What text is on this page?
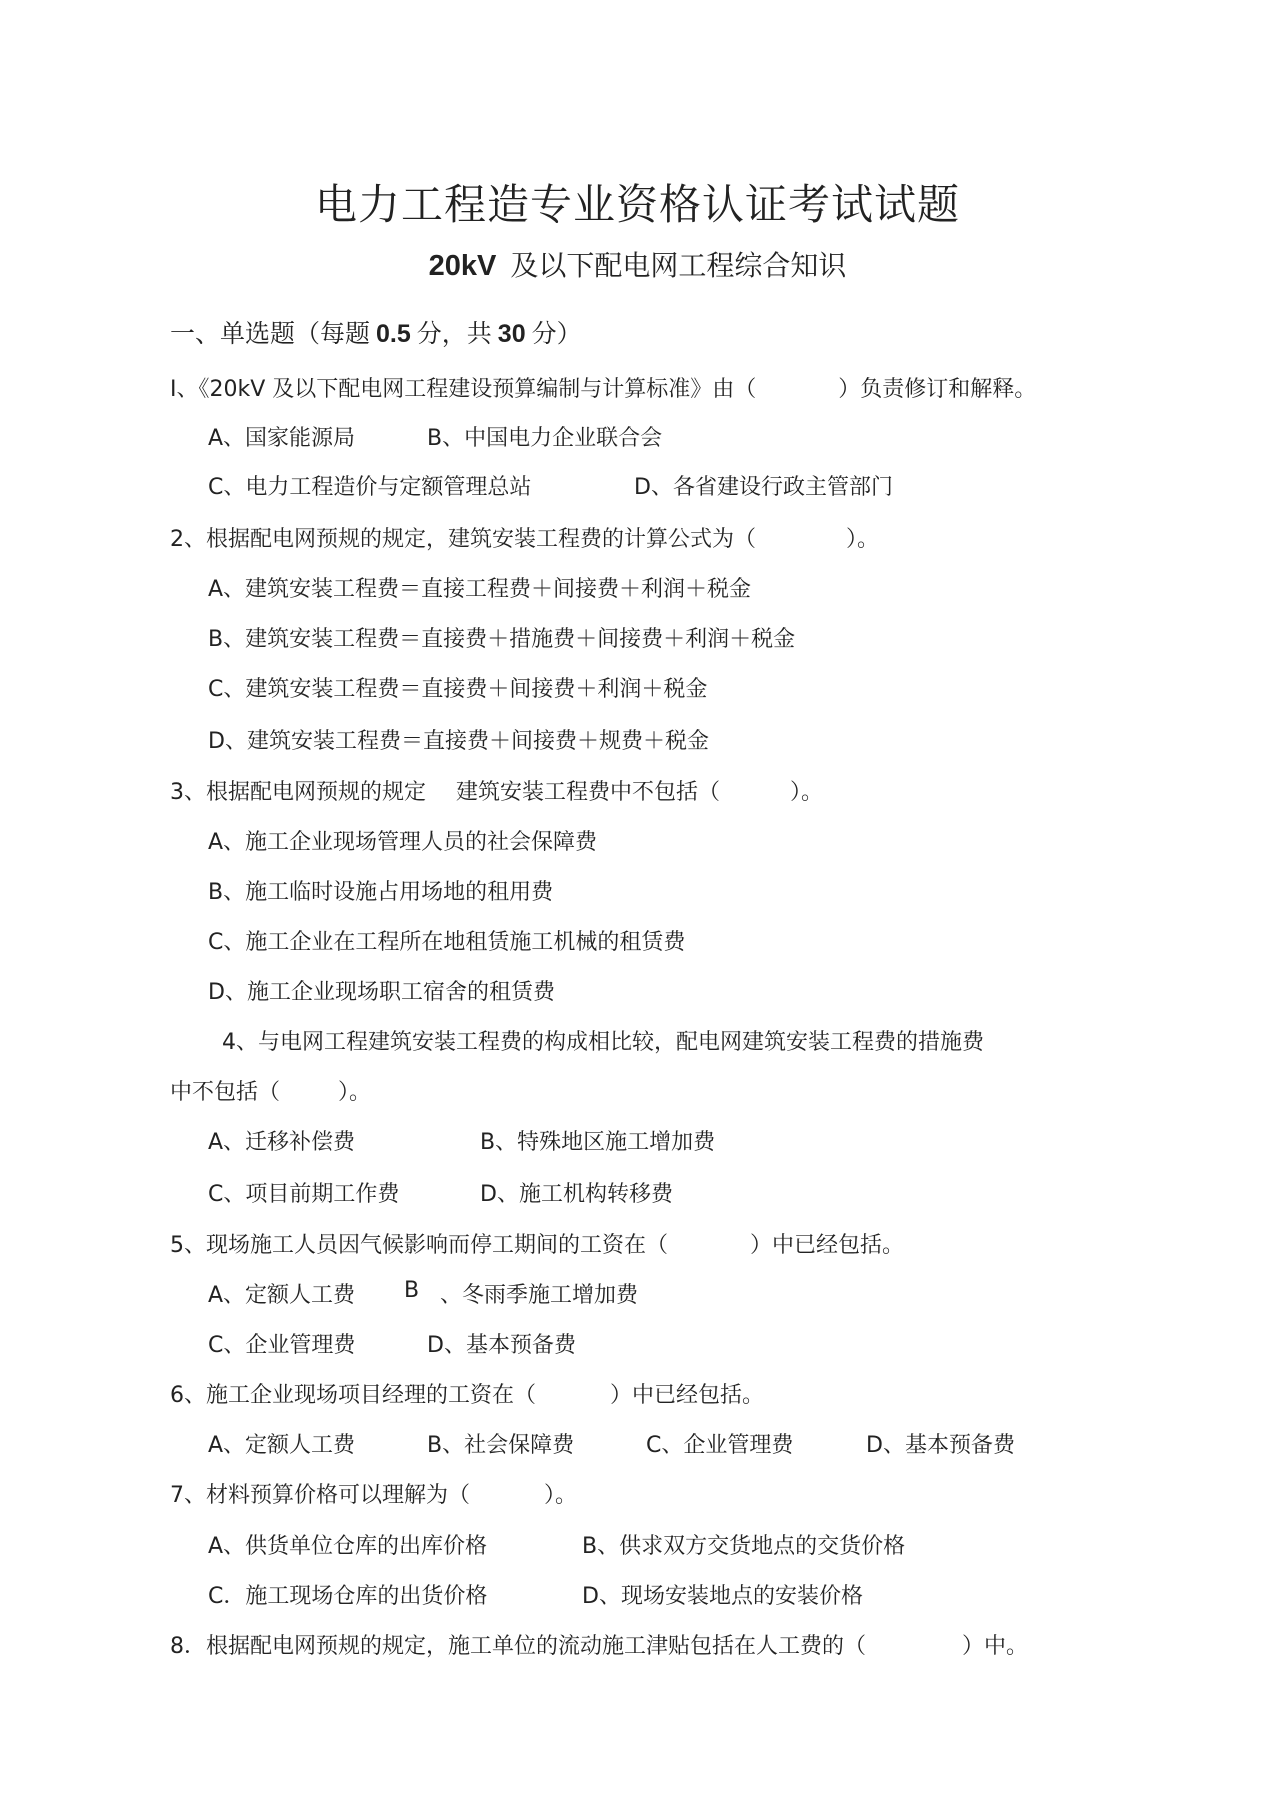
电力工程造专业资格认证考试试题
20kV 及以下配电网工程综合知识
一、单选题（每题 0.5 分，共 30 分）
I、《20kV 及以下配电网工程建设预算编制与计算标准》由（	）负责修订和解释。
A、国家能源局	B、中国电力企业联合会
C、电力工程造价与定额管理总站	D、各省建设行政主管部门
2、根据配电网预规的规定，建筑安装工程费的计算公式为（	）。
A、建筑安装工程费＝直接工程费＋间接费＋利润＋税金
B、建筑安装工程费＝直接费＋措施费＋间接费＋利润＋税金
C、建筑安装工程费＝直接费＋间接费＋利润＋税金
D、建筑安装工程费＝直接费＋间接费＋规费＋税金
3、根据配电网预规的规定 建筑安装工程费中不包括（	）。
A、施工企业现场管理人员的社会保障费
B、施工临时设施占用场地的租用费
C、施工企业在工程所在地租赁施工机械的租赁费
D、施工企业现场职工宿舍的租赁费
4、与电网工程建筑安装工程费的构成相比较，配电网建筑安装工程费的措施费
中不包括（	）。
A、迁移补偿费	B、特殊地区施工增加费
C、项目前期工作费	D、施工机构转移费
5、现场施工人员因气候影响而停工期间的工资在（	）中已经包括。
A、定额人工费 B 、冬雨季施工增加费
C、企业管理费	D、基本预备费
6、施工企业现场项目经理的工资在（	）中已经包括。
A、定额人工费	B、社会保障费	C、企业管理费	D、基本预备费
7、材料预算价格可以理解为（	）。
A、供货单位仓库的出库价格	B、供求双方交货地点的交货价格
C．施工现场仓库的出货价格	D、现场安装地点的安装价格
8．根据配电网预规的规定，施工单位的流动施工津贴包括在人工费的（	）中。
